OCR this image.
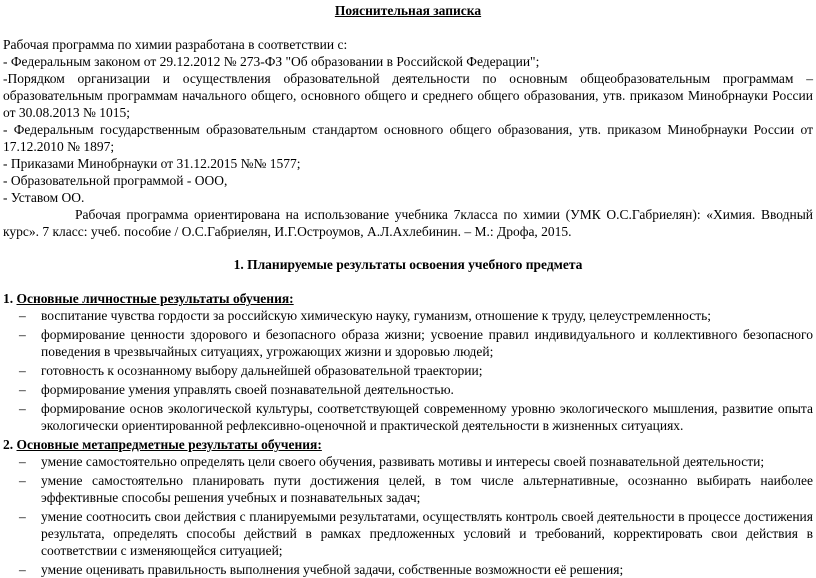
Пояснительная записка

Рабочая программа по химии разработана в соответствии с:

- Федеральным законом от 29.12.2012 № 273-ФЗ "Об образовании в Российской Федерации";

-Порядком организации и осуществления образовательной деятельности по основным общеобразовательным программам – образовательным программам начального общего, основного общего и среднего общего образования, утв. приказом Минобрнауки России от 30.08.2013 № 1015;

- Федеральным государственным образовательным стандартом основного общего образования, утв. приказом Минобрнауки России от 17.12.2010 № 1897;

- Приказами Минобрнауки от 31.12.2015 №№ 1577;

- Образовательной программой - ООО,

- Уставом ОО.

Рабочая программа ориентирована на использование учебника 7класса по химии (УМК О.С.Габриелян): «Химия. Вводный курс». 7 класс: учеб. пособие / О.С.Габриелян, И.Г.Остроумов, А.Л.Ахлебинин. – М.: Дрофа, 2015.

1. Планируемые результаты освоения учебного предмета

1. Основные личностные результаты обучения:

– воспитание чувства гордости за российскую химическую науку, гуманизм, отношение к труду, целеустремленность;
– формирование ценности здорового и безопасного образа жизни; усвоение правил индивидуального и коллективного безопасного поведения в чрезвычайных ситуациях, угрожающих жизни и здоровью людей;
– готовность к осознанному выбору дальнейшей образовательной траектории;
– формирование умения управлять своей познавательной деятельностью.
– формирование основ экологической культуры, соответствующей современному уровню экологического мышления, развитие опыта экологически ориентированной рефлексивно-оценочной и практической деятельности в жизненных ситуациях.

2. Основные метапредметные результаты обучения:

– умение самостоятельно определять цели своего обучения, развивать мотивы и интересы своей познавательной деятельности;
– умение самостоятельно планировать пути достижения целей, в том числе альтернативные, осознанно выбирать наиболее эффективные способы решения учебных и познавательных задач;
– умение соотносить свои действия с планируемыми результатами, осуществлять контроль своей деятельности в процессе достижения результата, определять способы действий в рамках предложенных условий и требований, корректировать свои действия в соответствии с изменяющейся ситуацией;
– умение оценивать правильность выполнения учебной задачи, собственные возможности её решения;
